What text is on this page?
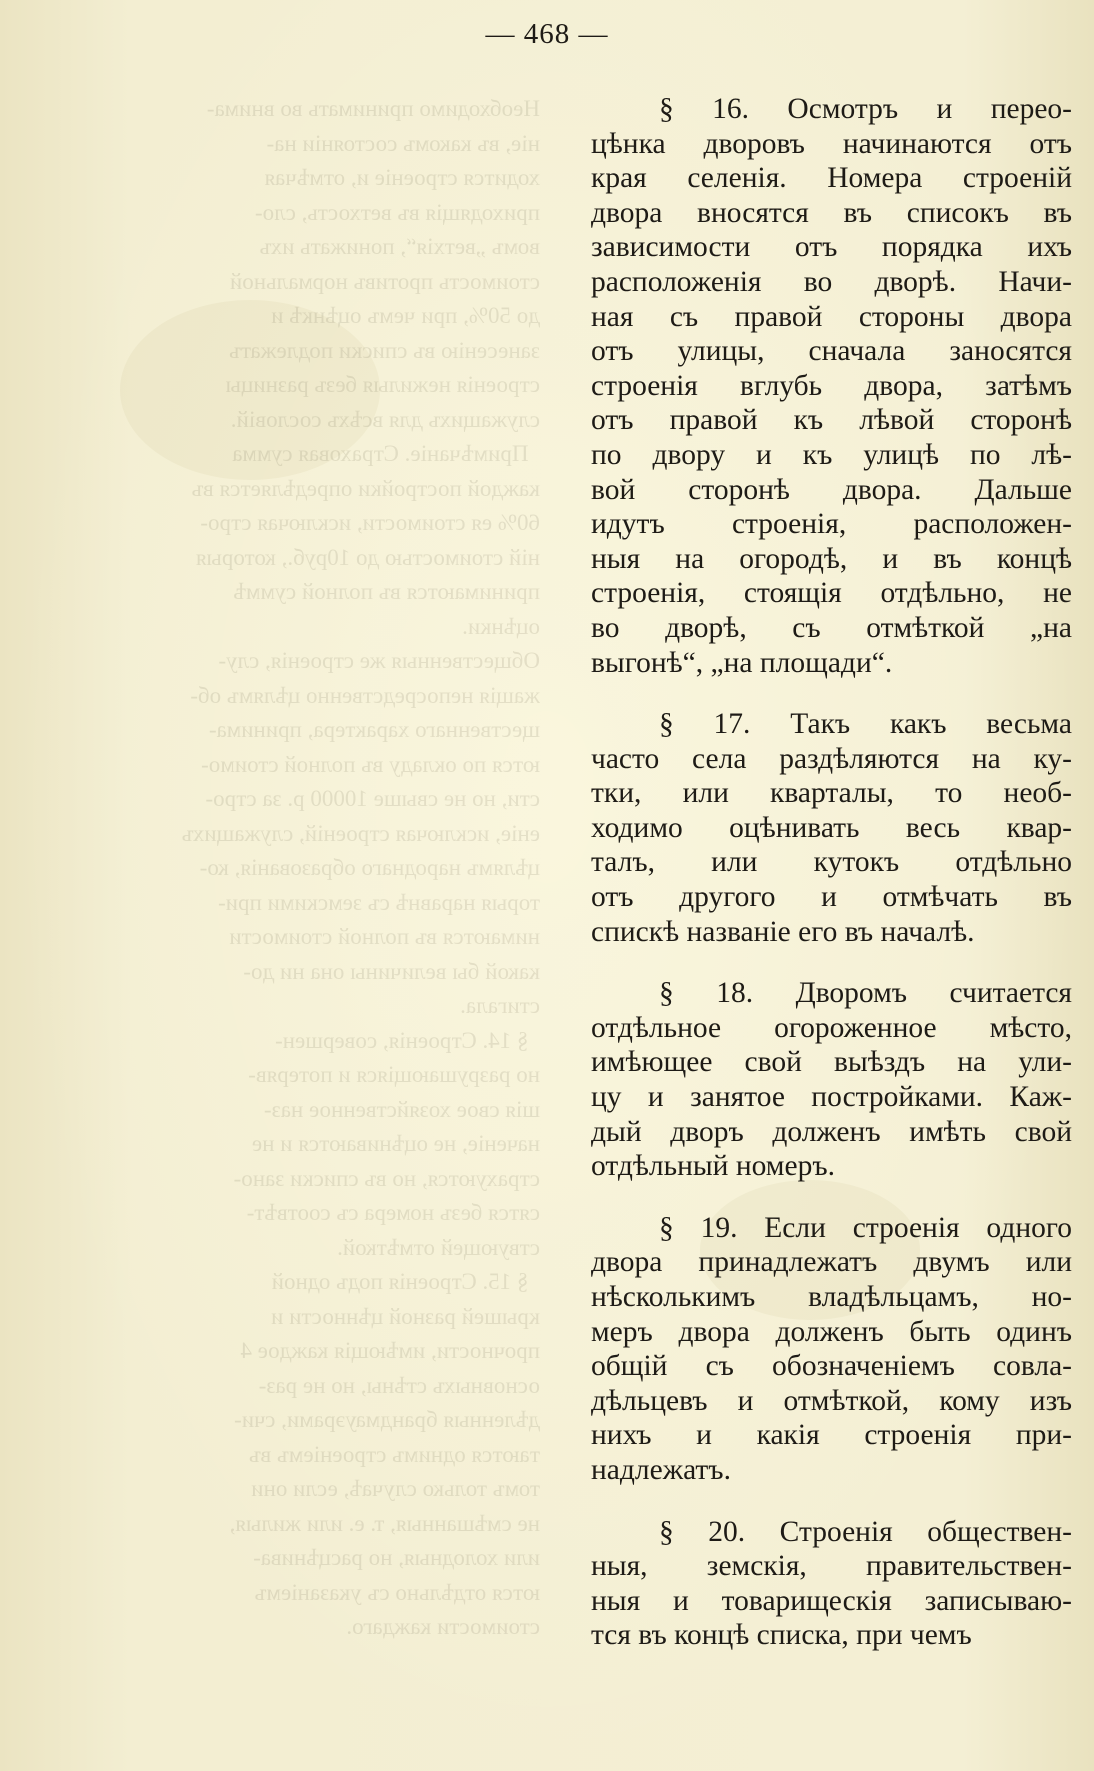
Необходимо принимать во внима-
ніе, въ какомъ состояніи на-
ходится строеніе и, отмѣчая
приходящія въ ветхость, сло-
вомъ „ветхія“, понижать ихъ
стоимость противъ нормальной
до 50%, при чемъ оцѣнкѣ и
занесенію въ списки подлежатъ
строенія нежилыя безъ разницы
служащихъ для всѣхъ сословій.
Примѣчаніе. Страховая сумма
каждой постройки опредѣляется въ
60% ея стоимости, исключая стро-
ній стоимостью до 10руб., которыя
принимаются въ полной суммѣ
оцѣнки.
Общественныя же строенія, слу-
жащія непосредственно цѣлямъ об-
щественнаго характера, принима-
ются по окладу въ полной стоимо-
сти, но не свыше 10000 р. за стро-
еніе, исключая строеній, служащихъ
цѣлямъ народнаго образованія, ко-
торыя наравнѣ съ земскими при-
нимаются въ полной стоимости
какой бы величины она ни до-
стигала.
§ 14. Строенія, совершен-
но разрушающіяся и потеряв-
шія свое хозяйственное наз-
наченіе, не оцѣниваются и не
страхуются, но въ списки зано-
сятся безъ номера съ соотвѣт-
ствующей отмѣткой.
§ 15. Строенія подъ одной
крышей разной цѣнности и
прочности, имѣющія каждое 4
основныхъ стѣны, но не раз-
дѣленныя брандмауэрами, счи-
таются однимъ строеніемъ въ
томъ только случаѣ, если они
не смѣшанныя, т. е. или жилыя,
или холодныя, но расцѣнива-
ются отдѣльно съ указаніемъ
стоимости каждаго.
— 468 —
§ 16. Осмотръ и переo-
цѣнка дворовъ начинаются отъ
края селенія. Номера строеній
двора вносятся въ списокъ въ
зависимости отъ порядка ихъ
расположенія во дворѣ. Начи-
ная съ правой стороны двора
отъ улицы, сначала заносятся
строенія вглубь двора, затѣмъ
отъ правой къ лѣвой сторонѣ
по двору и къ улицѣ по лѣ-
вой сторонѣ двора. Дальше
идутъ строенія, расположен-
ныя на огородѣ, и въ концѣ
строенія, стоящія отдѣльно, не
во дворѣ, съ отмѣткой „на
выгонѣ“, „на площади“.
§ 17. Такъ какъ весьма
часто села раздѣляются на ку-
тки, или кварталы, то необ-
ходимо оцѣнивать весь квар-
талъ, или кутокъ отдѣльно
отъ другого и отмѣчать въ
спискѣ названіе его въ началѣ.
§ 18. Дворомъ считается
отдѣльное огороженное мѣсто,
имѣющее свой выѣздъ на ули-
цу и занятое постройками. Каж-
дый дворъ долженъ имѣть свой
отдѣльный номеръ.
§ 19. Если строенія одного
двора принадлежатъ двумъ или
нѣсколькимъ владѣльцамъ, но-
меръ двора долженъ быть одинъ
общій съ обозначеніемъ совла-
дѣльцевъ и отмѣткой, кому изъ
нихъ и какія строенія при-
надлежатъ.
§ 20. Строенія обществен-
ныя, земскія, правительствен-
ныя и товарищескія записываю-
тся въ концѣ списка, при чемъ
